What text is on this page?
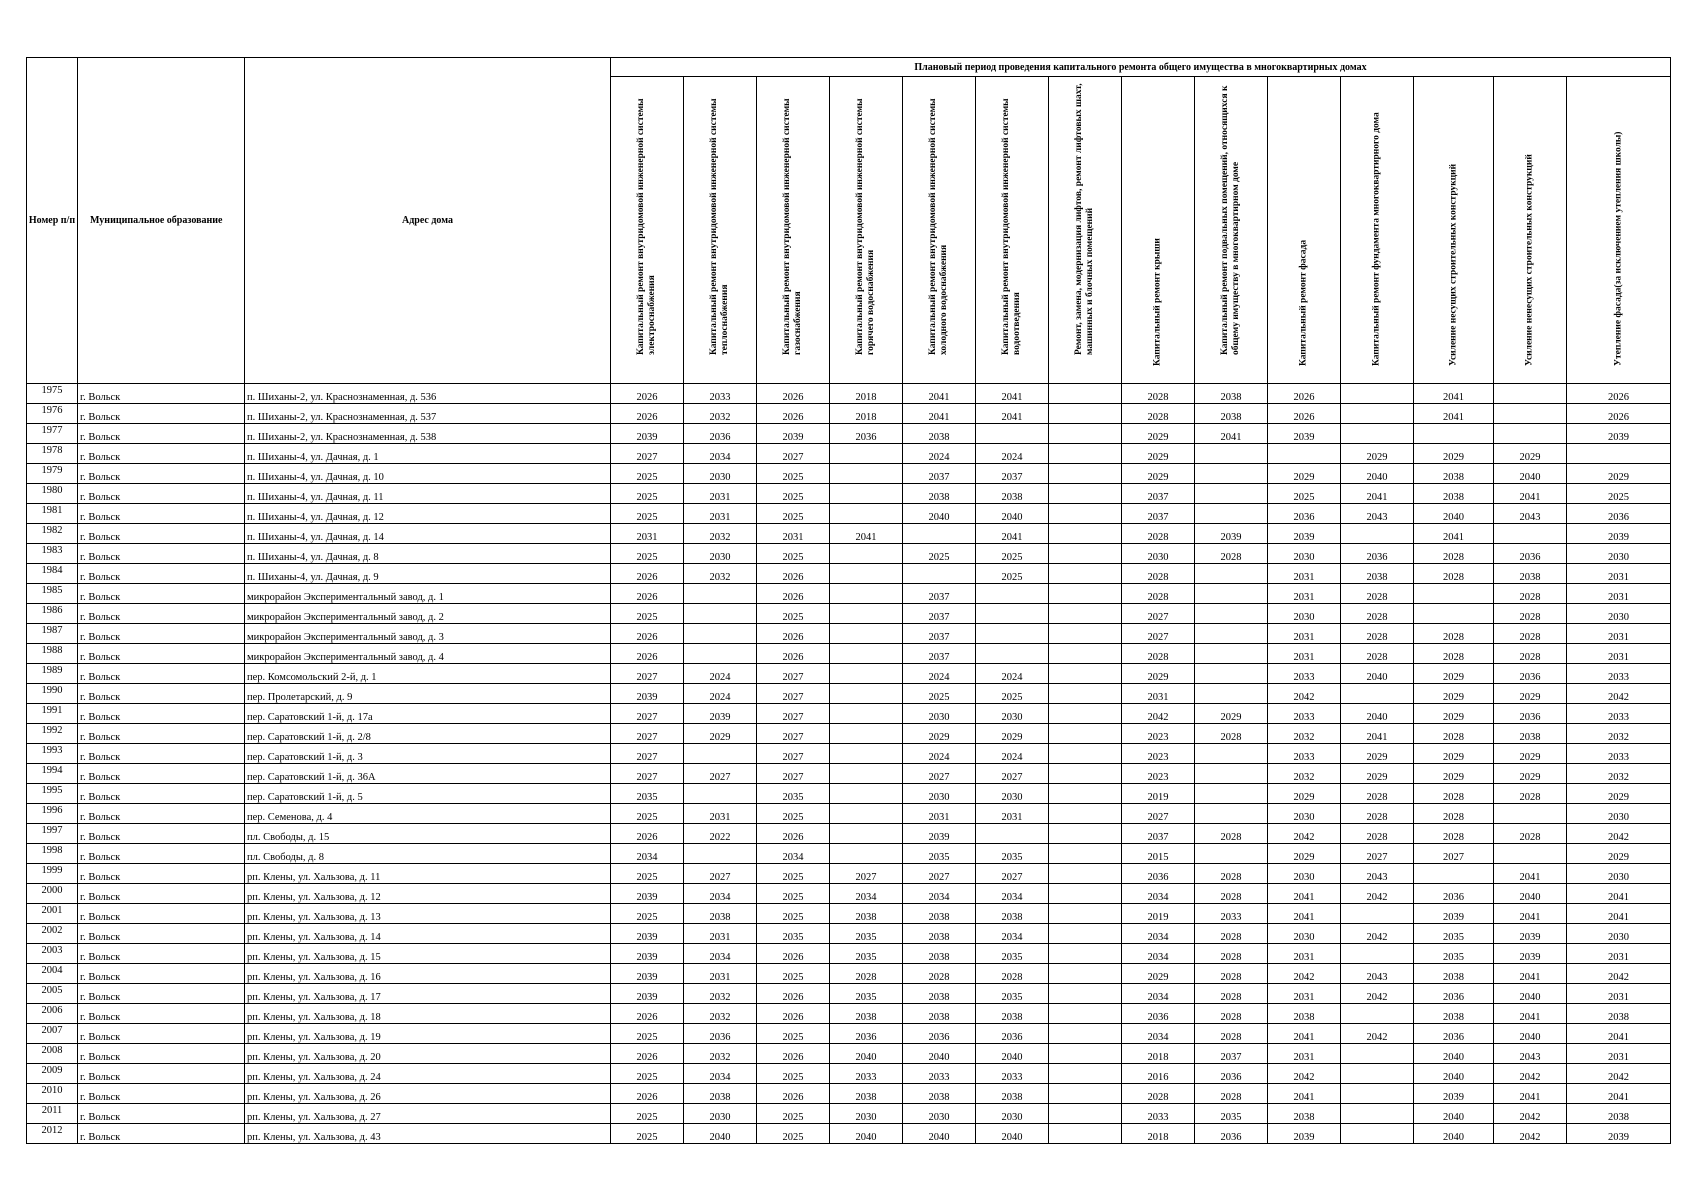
Номер п/п	Муниципальное образование	Адрес дома	Плановый период проведения капитального ремонта общего имущества в многоквартирных домах													

			Капитальный ремонт внутридомовой инженерной системы электроснабжения	Капитальный ремонт внутридомовой инженерной системы теплоснабжения	Капитальный ремонт внутридомовой инженерной системы газоснабжения	Капитальный ремонт внутридомовой инженерной системы горячего водоснабжения	Капитальный ремонт внутридомовой инженерной системы холодного водоснабжения	Капитальный ремонт внутридомовой инженерной системы водоотведения	Ремонт, замена, модернизация лифтов, ремонт лифтовых шахт, машинных и блочных помещений	Капитальный ремонт крыши	Капитальный ремонт подвальных помещений, относящихся к общему имуществу в многоквартирном доме	Капитальный ремонт фасада	Капитальный ремонт фундамента многоквартирного дома	Усиление несущих строительных конструкций	Усиление ненесущих строительных конструкций	Утепление фасада(за исключением утепления школы)

1975	г. Вольск	п. Шиханы-2, ул. Краснознаменная, д. 536	2026	2033	2026	2018	2041	2041		2028	2038	2026		2041		2026
1976	г. Вольск	п. Шиханы-2, ул. Краснознаменная, д. 537	2026	2032	2026	2018	2041	2041		2028	2038	2026		2041		2026
1977	г. Вольск	п. Шиханы-2, ул. Краснознаменная, д. 538	2039	2036	2039	2036	2038			2029	2041	2039				2039
1978	г. Вольск	п. Шиханы-4, ул. Дачная, д. 1	2027	2034	2027		2024	2024		2029			2029	2029	2029	
1979	г. Вольск	п. Шиханы-4, ул. Дачная, д. 10	2025	2030	2025		2037	2037		2029		2029	2040	2038	2040	2029
1980	г. Вольск	п. Шиханы-4, ул. Дачная, д. 11	2025	2031	2025		2038	2038		2037		2025	2041	2038	2041	2025
1981	г. Вольск	п. Шиханы-4, ул. Дачная, д. 12	2025	2031	2025		2040	2040		2037		2036	2043	2040	2043	2036
1982	г. Вольск	п. Шиханы-4, ул. Дачная, д. 14	2031	2032	2031	2041		2041		2028	2039	2039		2041		2039
1983	г. Вольск	п. Шиханы-4, ул. Дачная, д. 8	2025	2030	2025		2025	2025		2030	2028	2030	2036	2028	2036	2030
1984	г. Вольск	п. Шиханы-4, ул. Дачная, д. 9	2026	2032	2026			2025		2028		2031	2038	2028	2038	2031
1985	г. Вольск	микрорайон Экспериментальный завод, д. 1	2026		2026		2037			2028		2031	2028		2028	2031
1986	г. Вольск	микрорайон Экспериментальный завод, д. 2	2025		2025		2037			2027		2030	2028		2028	2030
1987	г. Вольск	микрорайон Экспериментальный завод, д. 3	2026		2026		2037			2027		2031	2028	2028	2028	2031
1988	г. Вольск	микрорайон Экспериментальный завод, д. 4	2026		2026		2037			2028		2031	2028	2028	2028	2031
1989	г. Вольск	пер. Комсомольский 2-й, д. 1	2027	2024	2027		2024	2024		2029		2033	2040	2029	2036	2033
1990	г. Вольск	пер. Пролетарский, д. 9	2039	2024	2027		2025	2025		2031		2042		2029	2029	2042
1991	г. Вольск	пер. Саратовский 1-й, д. 17а	2027	2039	2027		2030	2030		2042	2029	2033	2040	2029	2036	2033
1992	г. Вольск	пер. Саратовский 1-й, д. 2/8	2027	2029	2027		2029	2029		2023	2028	2032	2041	2028	2038	2032
1993	г. Вольск	пер. Саратовский 1-й, д. 3	2027		2027		2024	2024		2023		2033	2029	2029	2029	2033
1994	г. Вольск	пер. Саратовский 1-й, д. 36А	2027	2027	2027		2027	2027		2023		2032	2029	2029	2029	2032
1995	г. Вольск	пер. Саратовский 1-й, д. 5	2035		2035		2030	2030		2019		2029	2028	2028	2028	2029
1996	г. Вольск	пер. Семенова, д. 4	2025	2031	2025		2031	2031		2027		2030	2028	2028		2030
1997	г. Вольск	пл. Свободы, д. 15	2026	2022	2026		2039			2037	2028	2042	2028	2028	2028	2042
1998	г. Вольск	пл. Свободы, д. 8	2034		2034		2035	2035		2015		2029	2027	2027		2029
1999	г. Вольск	рп. Клены, ул. Хальзова, д. 11	2025	2027	2025	2027	2027	2027		2036	2028	2030	2043		2041	2030
2000	г. Вольск	рп. Клены, ул. Хальзова, д. 12	2039	2034	2025	2034	2034	2034		2034	2028	2041	2042	2036	2040	2041
2001	г. Вольск	рп. Клены, ул. Хальзова, д. 13	2025	2038	2025	2038	2038	2038		2019	2033	2041		2039	2041	2041
2002	г. Вольск	рп. Клены, ул. Хальзова, д. 14	2039	2031	2035	2035	2038	2034		2034	2028	2030	2042	2035	2039	2030
2003	г. Вольск	рп. Клены, ул. Хальзова, д. 15	2039	2034	2026	2035	2038	2035		2034	2028	2031		2035	2039	2031
2004	г. Вольск	рп. Клены, ул. Хальзова, д. 16	2039	2031	2025	2028	2028	2028		2029	2028	2042	2043	2038	2041	2042
2005	г. Вольск	рп. Клены, ул. Хальзова, д. 17	2039	2032	2026	2035	2038	2035		2034	2028	2031	2042	2036	2040	2031
2006	г. Вольск	рп. Клены, ул. Хальзова, д. 18	2026	2032	2026	2038	2038	2038		2036	2028	2038		2038	2041	2038
2007	г. Вольск	рп. Клены, ул. Хальзова, д. 19	2025	2036	2025	2036	2036	2036		2034	2028	2041	2042	2036	2040	2041
2008	г. Вольск	рп. Клены, ул. Хальзова, д. 20	2026	2032	2026	2040	2040	2040		2018	2037	2031		2040	2043	2031
2009	г. Вольск	рп. Клены, ул. Хальзова, д. 24	2025	2034	2025	2033	2033	2033		2016	2036	2042		2040	2042	2042
2010	г. Вольск	рп. Клены, ул. Хальзова, д. 26	2026	2038	2026	2038	2038	2038		2028	2028	2041		2039	2041	2041
2011	г. Вольск	рп. Клены, ул. Хальзова, д. 27	2025	2030	2025	2030	2030	2030		2033	2035	2038		2040	2042	2038
2012	г. Вольск	рп. Клены, ул. Хальзова, д. 43	2025	2040	2025	2040	2040	2040		2018	2036	2039		2040	2042	2039
